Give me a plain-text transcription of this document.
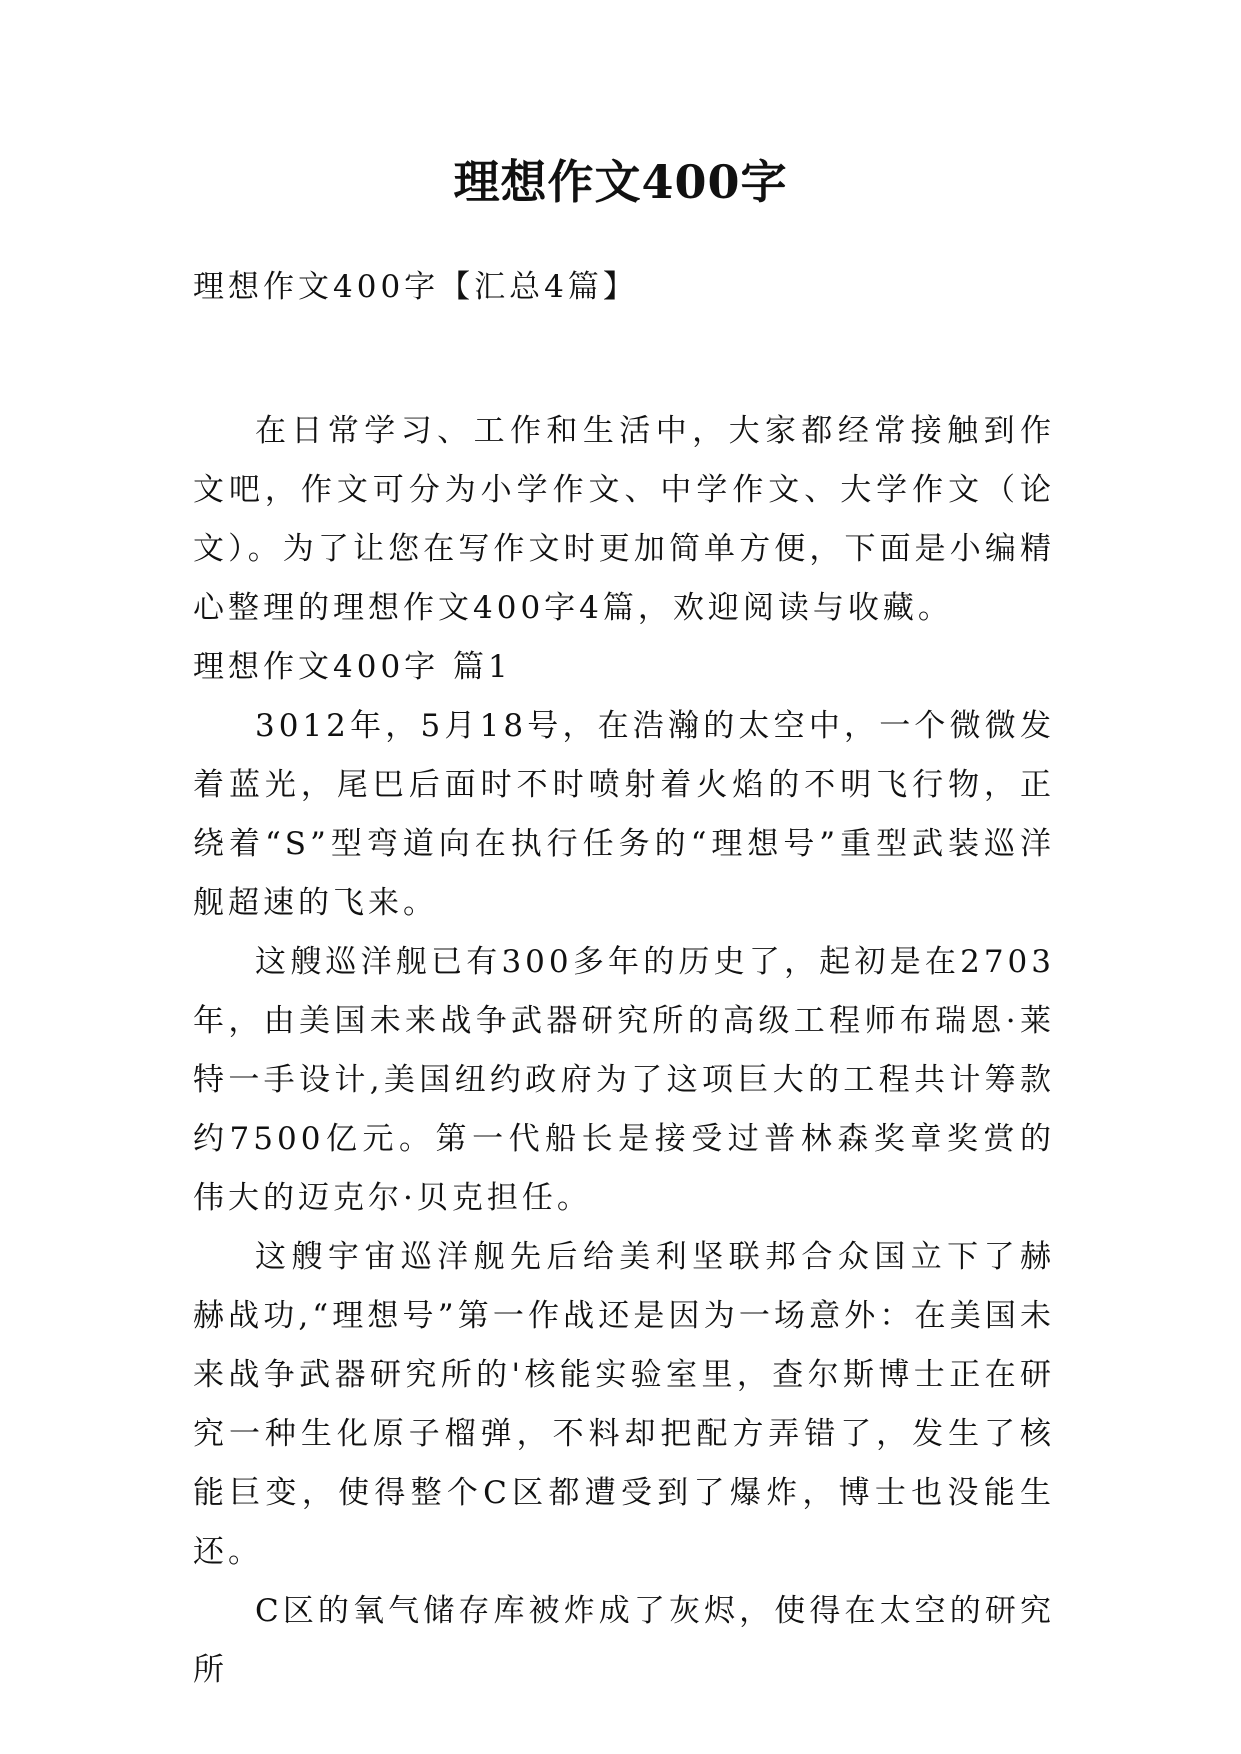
理想作文400字

理想作文400字【汇总4篇】

在日常学习、工作和生活中，大家都经常接触到作文吧，作文可分为小学作文、中学作文、大学作文（论文）。为了让您在写作文时更加简单方便，下面是小编精心整理的理想作文400字4篇，欢迎阅读与收藏。

理想作文400字 篇1

3012年，5月18号，在浩瀚的太空中，一个微微发着蓝光，尾巴后面时不时喷射着火焰的不明飞行物，正绕着“S”型弯道向在执行任务的“理想号”重型武装巡洋舰超速的飞来。

这艘巡洋舰已有300多年的历史了，起初是在2703年，由美国未来战争武器研究所的高级工程师布瑞恩·莱特一手设计,美国纽约政府为了这项巨大的工程共计筹款约7500亿元。第一代船长是接受过普林森奖章奖赏的伟大的迈克尔·贝克担任。

这艘宇宙巡洋舰先后给美利坚联邦合众国立下了赫赫战功,“理想号”第一作战还是因为一场意外：在美国未来战争武器研究所的'核能实验室里，查尔斯博士正在研究一种生化原子榴弹，不料却把配方弄错了，发生了核能巨变，使得整个C区都遭受到了爆炸，博士也没能生还。

C区的氧气储存库被炸成了灰烬，使得在太空的研究所
